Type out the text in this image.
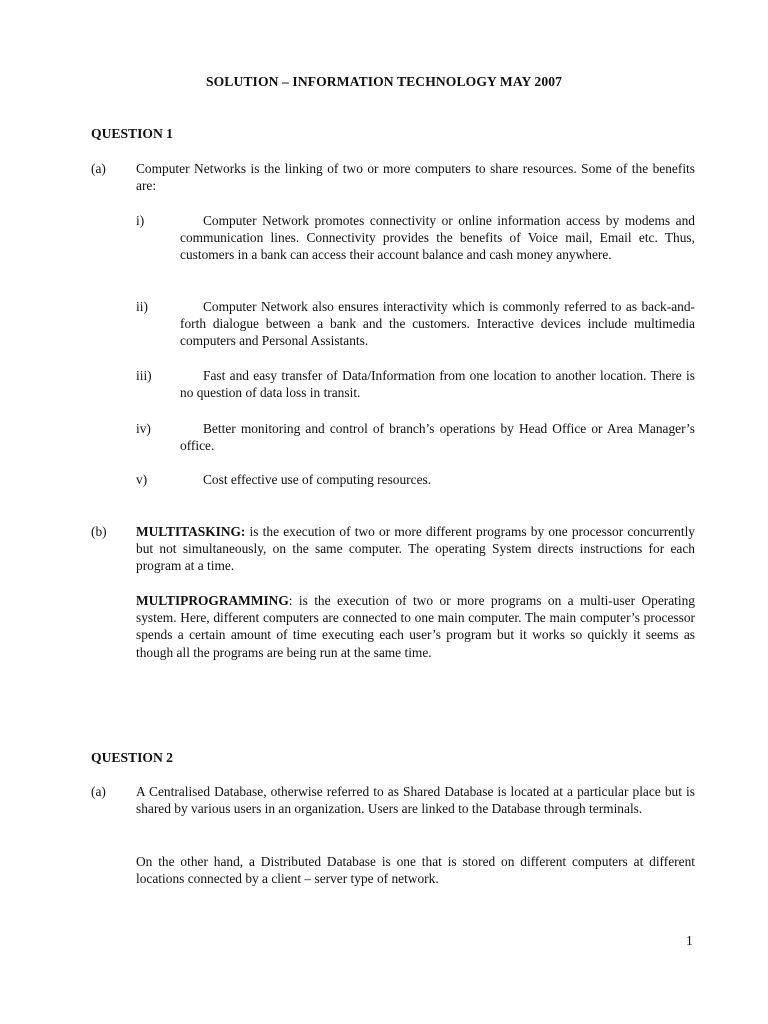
SOLUTION – INFORMATION TECHNOLOGY MAY 2007
QUESTION 1
(a) Computer Networks is the linking of two or more computers to share resources. Some of the benefits are:
i)	Computer Network promotes connectivity or online information access by modems and communication lines. Connectivity provides the benefits of Voice mail, Email etc. Thus, customers in a bank can access their account balance and cash money anywhere.
ii)	Computer Network also ensures interactivity which is commonly referred to as back-and-forth dialogue between a bank and the customers. Interactive devices include multimedia computers and Personal Assistants.
iii)	Fast and easy transfer of Data/Information from one location to another location. There is no question of data loss in transit.
iv)	Better monitoring and control of branch’s operations by Head Office or Area Manager’s office.
v)	Cost effective use of computing resources.
(b) MULTITASKING: is the execution of two or more different programs by one processor concurrently but not simultaneously, on the same computer. The operating System directs instructions for each program at a time.
MULTIPROGRAMMING: is the execution of two or more programs on a multi-user Operating system. Here, different computers are connected to one main computer. The main computer’s processor spends a certain amount of time executing each user’s program but it works so quickly it seems as though all the programs are being run at the same time.
QUESTION 2
(a) A Centralised Database, otherwise referred to as Shared Database is located at a particular place but is shared by various users in an organization. Users are linked to the Database through terminals.
On the other hand, a Distributed Database is one that is stored on different computers at different locations connected by a client – server type of network.
1
